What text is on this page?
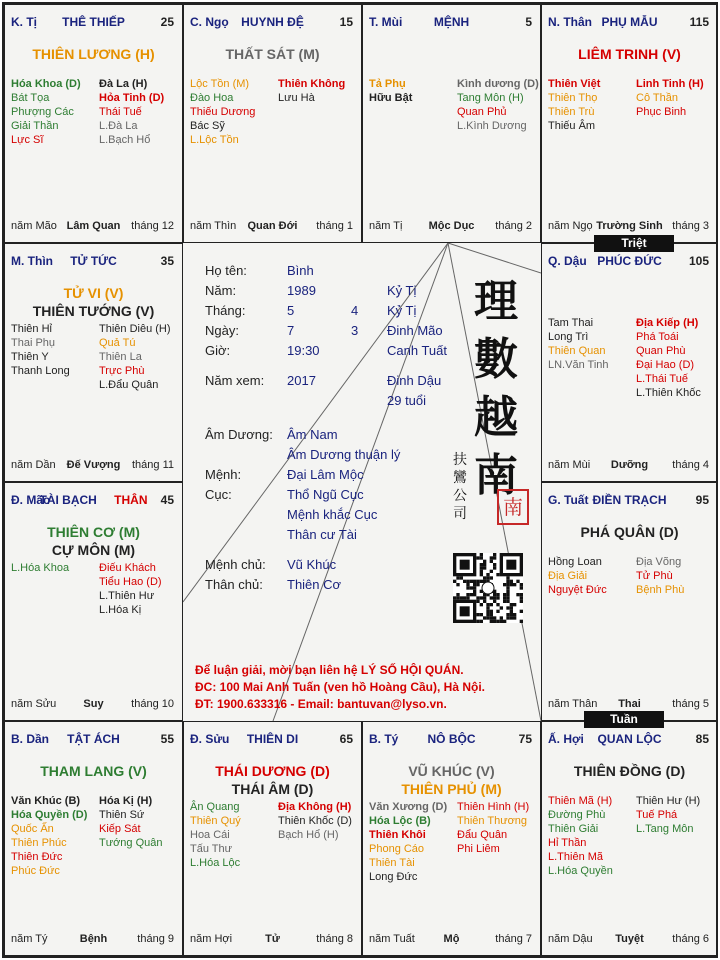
K. Tị	THÊ THIẾP	25
THIÊN LƯƠNG (H)
Hóa Khoa (D)
Bát Tọa
Phượng Các
Giải Thần
Lực Sĩ
Đà La (H)
Hỏa Tinh (D)
Thái Tuế
L.Đà La
L.Bạch Hổ
năm Mão Lâm Quan tháng 12
C. Ngọ	HUYNH ĐỆ	15
THẤT SÁT (M)
Lộc Tồn (M)
Đào Hoa
Thiếu Dương
Bác Sỹ
L.Lộc Tồn
Thiên Không
Lưu Hà
năm Thìn	Quan Đới	tháng 1
T. Mùi	MỆNH	5
Tả Phụ
Hữu Bật
Kình dương (D)
Tang Môn (H)
Quan Phủ
L.Kình Dương
năm Tị	Mộc Dục	tháng 2
N. Thân PHỤ MẪU	115
LIÊM TRINH (V)
Thiên Việt
Thiên Thọ
Thiên Trù
Thiếu Âm
Linh Tinh (H)
Cô Thần
Phục Binh
năm Ngọ Trường Sinh tháng 3
M. Thìn	TỬ TỨC	35
TỬ VI (V)
THIÊN TƯỚNG (V)
Thiên Hỉ
Thai Phụ
Thiên Y
Thanh Long
Thiên Diêu (H)
Quả Tú
Thiên La
Trực Phù
L.Đẩu Quân
năm Dần	Đế Vượng	tháng 11
Q. Dậu PHÚC ĐỨC	105
Tam Thai
Long Trì
Thiên Quan
LN.Văn Tinh
Địa Kiếp (H)
Phá Toái
Quan Phù
Đại Hao (D)
L.Thái Tuế
L.Thiên Khốc
năm Mùi	Dưỡng	tháng 4
Đ. Mão
TÀI BẠCH THÂN	45
THIÊN CƠ (M)
CỰ MÔN (M)
L.Hóa Khoa	Điếu Khách
Tiểu Hao (D)
L.Thiên Hư
L.Hóa Kị
năm Sửu	Suy	tháng 10
G. Tuất ĐIỀN TRẠCH	95
PHÁ QUÂN (D)
Hồng Loan
Địa Giải
Nguyệt Đức
Địa Võng
Tử Phù
Bệnh Phù
năm Thân	Thai	tháng 5
B. Dần	TẬT ÁCH	55
THAM LANG (V)
Văn Khúc (B)
Hóa Quyền (D)
Quốc Ấn
Thiên Phúc
Thiên Đức
Phúc Đức
Hóa Kị (H)
Thiên Sứ
Kiếp Sát
Tướng Quân
năm Tý	Bệnh	tháng 9
Đ. Sửu	THIÊN DI	65
THÁI DƯƠNG (D)
THÁI ÂM (D)
Ân Quang
Thiên Quý
Hoa Cái
Tấu Thư
L.Hóa Lộc
Địa Không (H)
Thiên Khốc (D)
Bạch Hổ (H)
năm Hợi	Tử	tháng 8
B. Tý	NÔ BỘC	75
VŨ KHÚC (V)
THIÊN PHỦ (M)
Văn Xương (D)
Hóa Lộc (B)
Thiên Khôi
Phong Cáo
Thiên Tài
Long Đức
Thiên Hình (H)
Thiên Thương
Đẩu Quân
Phi Liêm
năm Tuất	Mộ	tháng 7
Ấ. Hợi	QUAN LỘC	85
THIÊN ĐỒNG (D)
Thiên Mã (H)
Đường Phù
Thiên Giải
Hỉ Thần
L.Thiên Mã
L.Hóa Quyền
Thiên Hư (H)
Tuế Phá
L.Tang Môn
năm Dậu	Tuyệt	tháng 6
Triệt
Tuần
Họ tên:	Bình
Năm:	1989	Kỷ Tị
Tháng:	5	4 Kỷ Tị
Ngày:	7	3 Đinh Mão
Giờ:	19:30	Canh Tuất
Năm xem: 2017	Đinh Dậu
29 tuổi
Âm Dương: Âm Nam
Âm Dương thuận lý
Mệnh:	Đại Lâm Mộc
Cục:	Thổ Ngũ Cục
Mệnh khắc Cục
Thân cư Tài
Mệnh chủ: Vũ Khúc
Thân chủ: Thiên Cơ
理
數
越
南
扶鸞公司	南
Để luận giải, mời bạn liên hệ LÝ SỐ HỘI QUÁN.
ĐC: 100 Mai Anh Tuấn (ven hồ Hoàng Cầu), Hà Nội.
ĐT: 1900.633316 - Email: bantuvan@lyso.vn.
